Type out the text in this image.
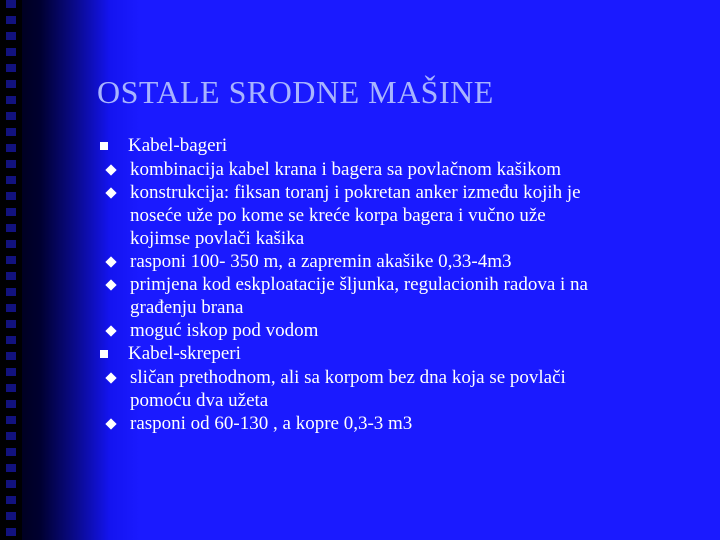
OSTALE SRODNE MAŠINE
Kabel-bageri
kombinacija kabel krana i bagera sa povlačnom kašikom
konstrukcija: fiksan toranj i pokretan anker između kojih je
noseće uže po kome se kreće korpa bagera i vučno uže
kojimse povlači kašika
rasponi 100- 350 m, a zapremin akašike 0,33-4m3
primjena kod eskploatacije šljunka, regulacionih radova i na
građenju brana
moguć iskop pod vodom
Kabel-skreperi
sličan prethodnom, ali sa korpom bez dna koja se povlači
pomoću dva užeta
rasponi od 60-130 , a kopre 0,3-3 m3
